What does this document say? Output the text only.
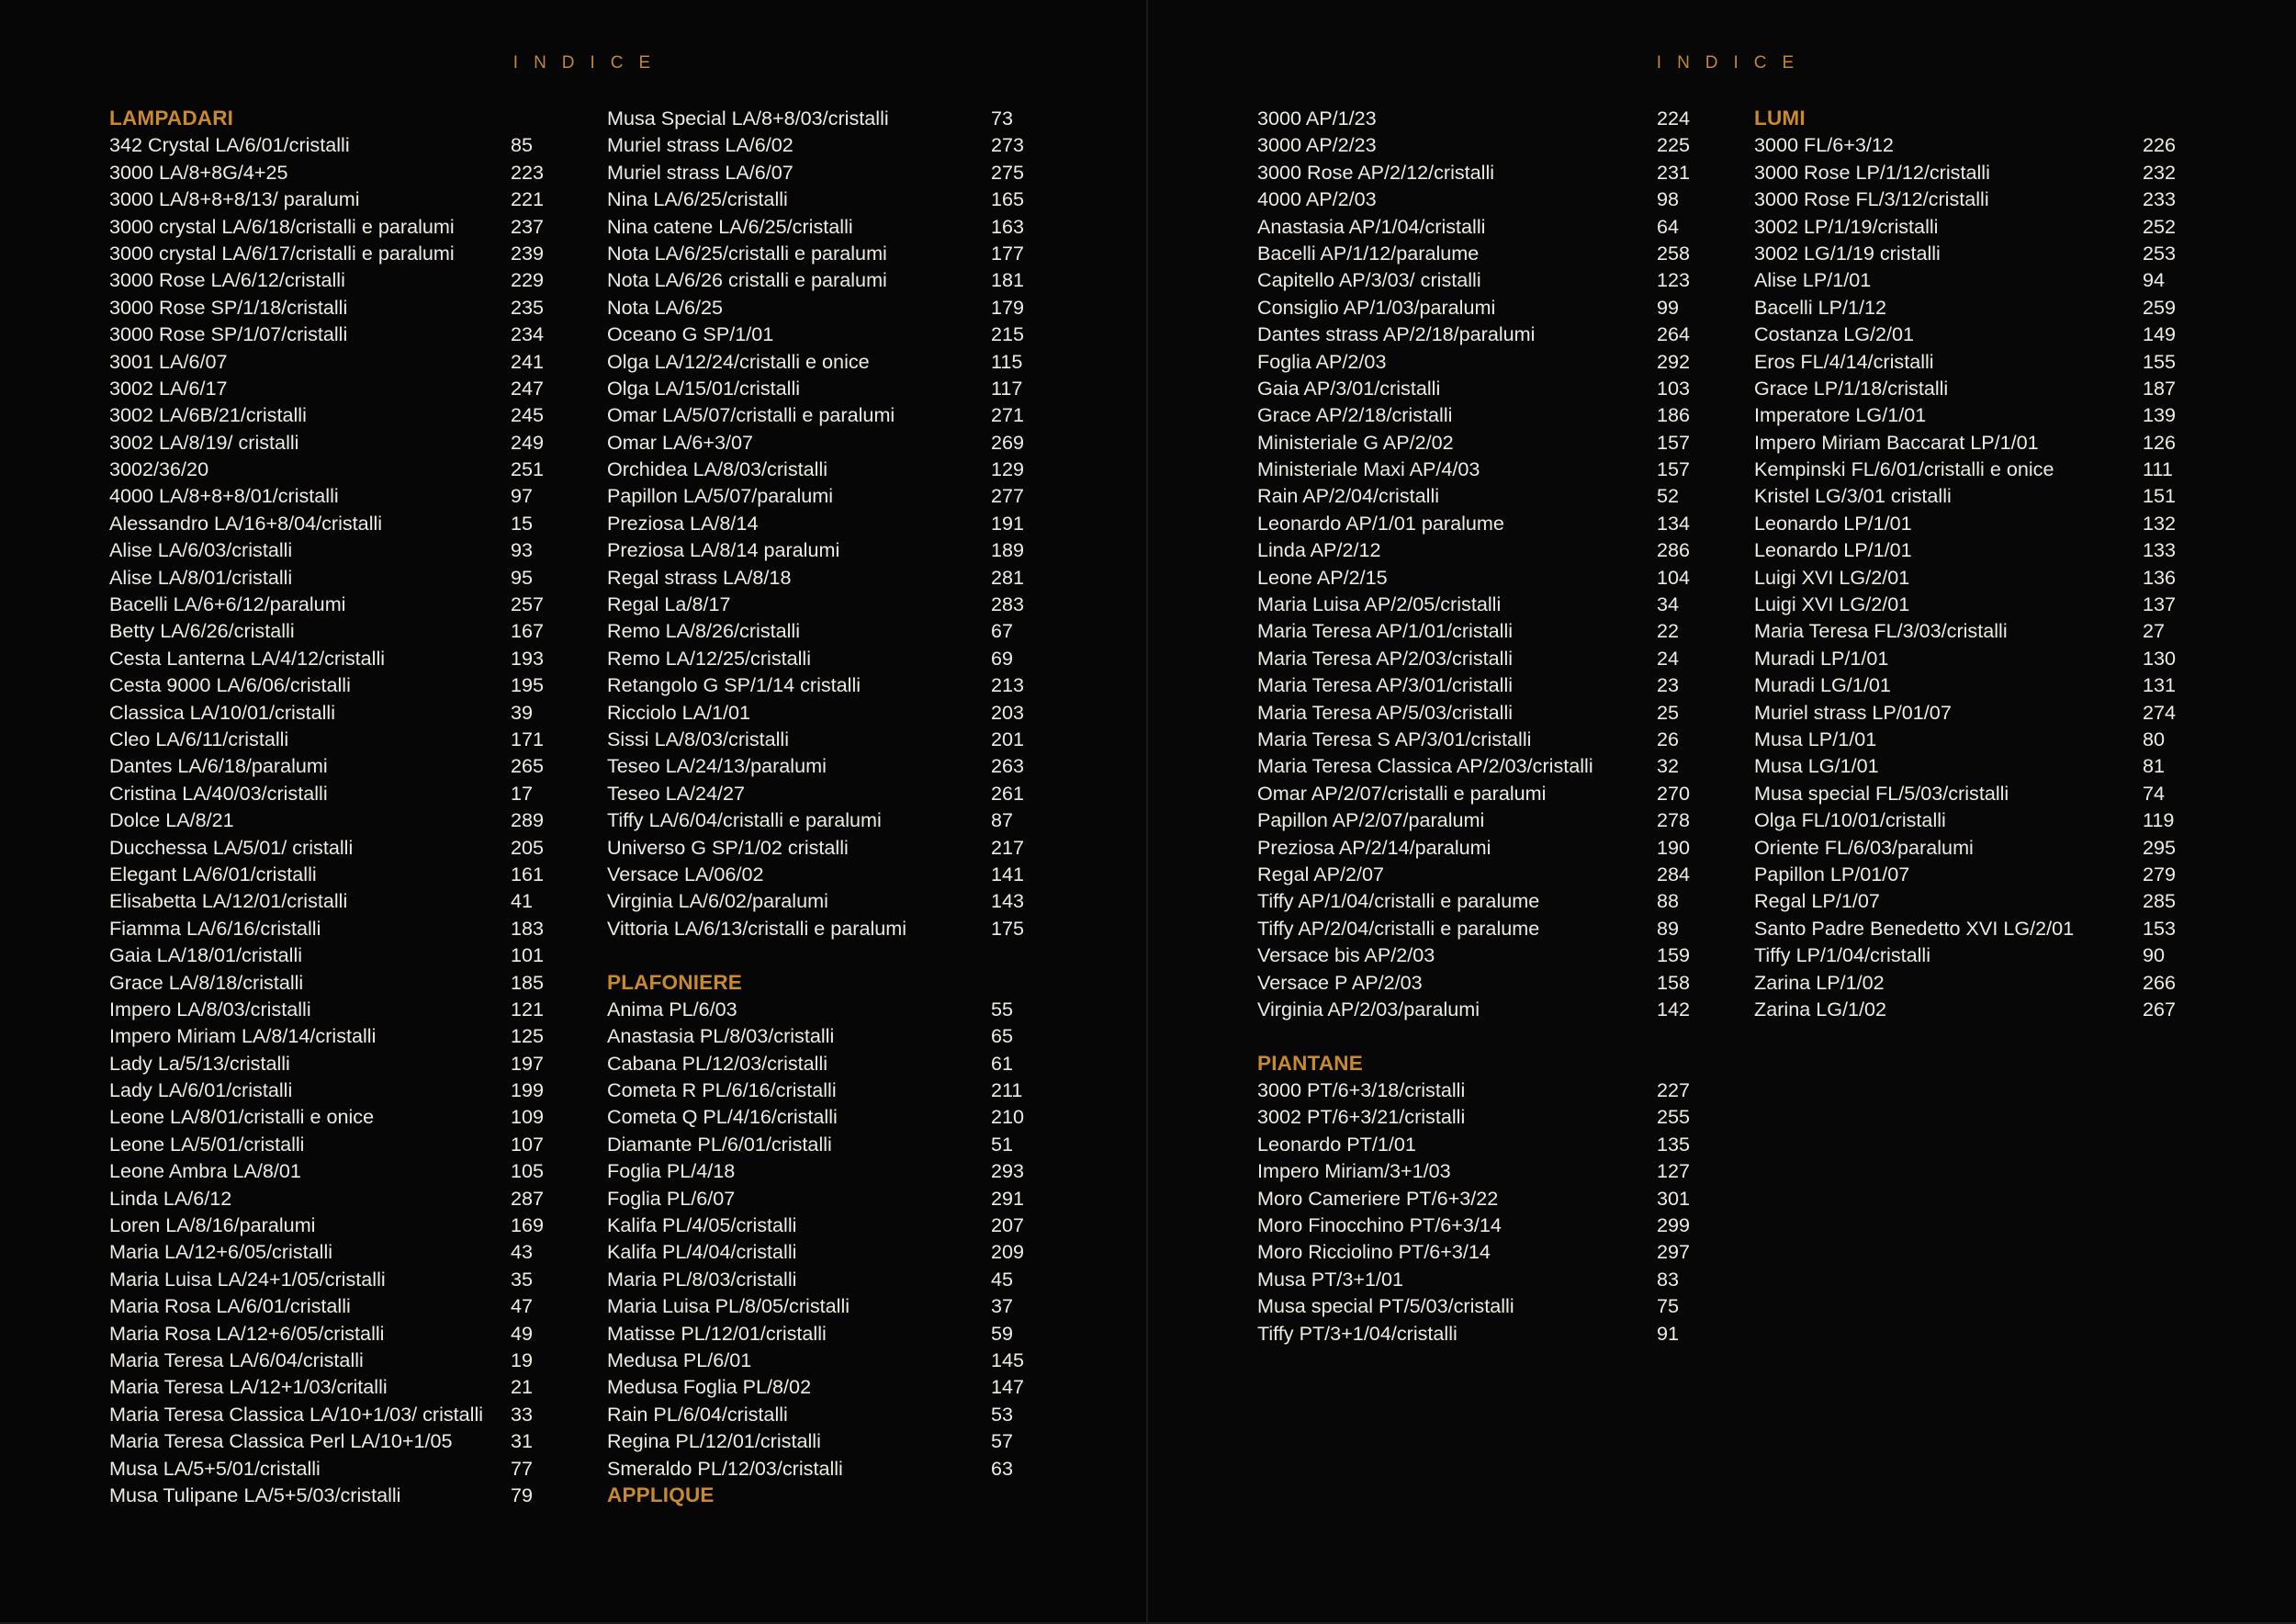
INDICE
LAMPADARI
342 Crystal LA/6/01/cristalli	85
3000 LA/8+8G/4+25	223
3000 LA/8+8+8/13/ paralumi	221
3000 crystal LA/6/18/cristalli e paralumi	237
3000 crystal LA/6/17/cristalli e paralumi	239
3000 Rose LA/6/12/cristalli	229
3000 Rose SP/1/18/cristalli	235
3000 Rose SP/1/07/cristalli	234
3001 LA/6/07	241
3002 LA/6/17	247
3002 LA/6B/21/cristalli	245
3002 LA/8/19/ cristalli	249
3002/36/20	251
4000 LA/8+8+8/01/cristalli	97
Alessandro LA/16+8/04/cristalli	15
Alise LA/6/03/cristalli	93
Alise LA/8/01/cristalli	95
Bacelli LA/6+6/12/paralumi	257
Betty LA/6/26/cristalli	167
Cesta Lanterna LA/4/12/cristalli	193
Cesta 9000 LA/6/06/cristalli	195
Classica LA/10/01/cristalli	39
Cleo LA/6/11/cristalli	171
Dantes LA/6/18/paralumi	265
Cristina LA/40/03/cristalli	17
Dolce LA/8/21	289
Ducchessa LA/5/01/ cristalli	205
Elegant LA/6/01/cristalli	161
Elisabetta LA/12/01/cristalli	41
Fiamma LA/6/16/cristalli	183
Gaia LA/18/01/cristalli	101
Grace LA/8/18/cristalli	185
Impero LA/8/03/cristalli	121
Impero Miriam LA/8/14/cristalli	125
Lady La/5/13/cristalli	197
Lady LA/6/01/cristalli	199
Leone LA/8/01/cristalli e onice	109
Leone LA/5/01/cristalli	107
Leone Ambra LA/8/01	105
Linda LA/6/12	287
Loren LA/8/16/paralumi	169
Maria LA/12+6/05/cristalli	43
Maria Luisa LA/24+1/05/cristalli	35
Maria Rosa LA/6/01/cristalli	47
Maria Rosa LA/12+6/05/cristalli	49
Maria Teresa LA/6/04/cristalli	19
Maria Teresa LA/12+1/03/critalli	21
Maria Teresa Classica LA/10+1/03/ cristalli 33
Maria Teresa Classica Perl LA/10+1/05	31
Musa LA/5+5/01/cristalli	77
Musa Tulipane LA/5+5/03/cristalli	79
Musa Special LA/8+8/03/cristalli	73
Muriel strass LA/6/02	273
Muriel strass LA/6/07	275
Nina LA/6/25/cristalli	165
Nina catene LA/6/25/cristalli	163
Nota LA/6/25/cristalli e paralumi	177
Nota LA/6/26 cristalli e paralumi	181
Nota LA/6/25	179
Oceano G SP/1/01	215
Olga LA/12/24/cristalli e onice	115
Olga LA/15/01/cristalli	117
Omar LA/5/07/cristalli e paralumi	271
Omar LA/6+3/07	269
Orchidea LA/8/03/cristalli	129
Papillon LA/5/07/paralumi	277
Preziosa LA/8/14	191
Preziosa LA/8/14 paralumi	189
Regal strass LA/8/18	281
Regal La/8/17	283
Remo LA/8/26/cristalli	67
Remo LA/12/25/cristalli	69
Retangolo G SP/1/14 cristalli	213
Ricciolo LA/1/01	203
Sissi LA/8/03/cristalli	201
Teseo LA/24/13/paralumi	263
Teseo LA/24/27	261
Tiffy LA/6/04/cristalli e paralumi	87
Universo G SP/1/02 cristalli	217
Versace LA/06/02	141
Virginia LA/6/02/paralumi	143
Vittoria LA/6/13/cristalli e paralumi	175
PLAFONIERE
Anima PL/6/03	55
Anastasia PL/8/03/cristalli	65
Cabana PL/12/03/cristalli	61
Cometa R PL/6/16/cristalli	211
Cometa Q PL/4/16/cristalli	210
Diamante PL/6/01/cristalli	51
Foglia PL/4/18	293
Foglia PL/6/07	291
Kalifa PL/4/05/cristalli	207
Kalifa PL/4/04/cristalli	209
Maria PL/8/03/cristalli	45
Maria Luisa PL/8/05/cristalli	37
Matisse PL/12/01/cristalli	59
Medusa PL/6/01	145
Medusa Foglia PL/8/02	147
Rain PL/6/04/cristalli	53
Regina PL/12/01/cristalli	57
Smeraldo PL/12/03/cristalli	63
APPLIQUE
INDICE
3000 AP/1/23	224
3000 AP/2/23	225
3000 Rose AP/2/12/cristalli	231
4000 AP/2/03	98
Anastasia AP/1/04/cristalli	64
Bacelli AP/1/12/paralume	258
Capitello AP/3/03/ cristalli	123
Consiglio AP/1/03/paralumi	99
Dantes strass AP/2/18/paralumi	264
Foglia AP/2/03	292
Gaia AP/3/01/cristalli	103
Grace AP/2/18/cristalli	186
Ministeriale G AP/2/02	157
Ministeriale Maxi AP/4/03	157
Rain AP/2/04/cristalli	52
Leonardo AP/1/01 paralume	134
Linda AP/2/12	286
Leone AP/2/15	104
Maria Luisa AP/2/05/cristalli	34
Maria Teresa AP/1/01/cristalli	22
Maria Teresa AP/2/03/cristalli	24
Maria Teresa AP/3/01/cristalli	23
Maria Teresa AP/5/03/cristalli	25
Maria Teresa S AP/3/01/cristalli	26
Maria Teresa Classica AP/2/03/cristalli	32
Omar AP/2/07/cristalli e paralumi	270
Papillon AP/2/07/paralumi	278
Preziosa AP/2/14/paralumi	190
Regal AP/2/07	284
Tiffy AP/1/04/cristalli e paralume	88
Tiffy AP/2/04/cristalli e paralume	89
Versace bis AP/2/03	159
Versace P AP/2/03	158
Virginia AP/2/03/paralumi	142
PIANTANE
3000 PT/6+3/18/cristalli	227
3002 PT/6+3/21/cristalli	255
Leonardo PT/1/01	135
Impero Miriam/3+1/03	127
Moro Cameriere PT/6+3/22	301
Moro Finocchino PT/6+3/14	299
Moro Ricciolino PT/6+3/14	297
Musa PT/3+1/01	83
Musa special PT/5/03/cristalli	75
Tiffy PT/3+1/04/cristalli	91
LUMI
3000 FL/6+3/12	226
3000 Rose LP/1/12/cristalli	232
3000 Rose FL/3/12/cristalli	233
3002 LP/1/19/cristalli	252
3002 LG/1/19 cristalli	253
Alise LP/1/01	94
Bacelli LP/1/12	259
Costanza LG/2/01	149
Eros FL/4/14/cristalli	155
Grace LP/1/18/cristalli	187
Imperatore LG/1/01	139
Impero Miriam Baccarat LP/1/01	126
Kempinski FL/6/01/cristalli e onice	111
Kristel LG/3/01 cristalli	151
Leonardo LP/1/01	132
Leonardo LP/1/01	133
Luigi XVI LG/2/01	136
Luigi XVI LG/2/01	137
Maria Teresa FL/3/03/cristalli	27
Muradi LP/1/01	130
Muradi LG/1/01	131
Muriel strass LP/01/07	274
Musa LP/1/01	80
Musa LG/1/01	81
Musa special FL/5/03/cristalli	74
Olga FL/10/01/cristalli	119
Oriente FL/6/03/paralumi	295
Papillon LP/01/07	279
Regal LP/1/07	285
Santo Padre Benedetto XVI LG/2/01	153
Tiffy LP/1/04/cristalli	90
Zarina LP/1/02	266
Zarina LG/1/02	267
